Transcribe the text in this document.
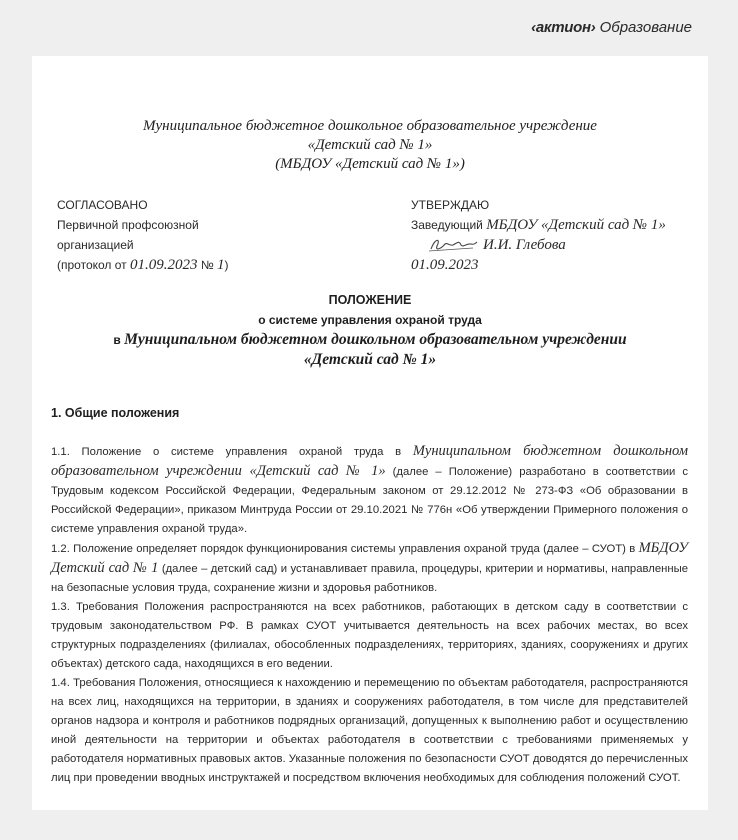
‹актион› Образование
Муниципальное бюджетное дошкольное образовательное учреждение
«Детский сад № 1»
(МБДОУ «Детский сад № 1»)
СОГЛАСОВАНО
Первичной профсоюзной
организацией
(протокол от 01.09.2023 № 1)
УТВЕРЖДАЮ
Заведующий МБДОУ «Детский сад № 1»
И.И. Глебова
01.09.2023
ПОЛОЖЕНИЕ
о системе управления охраной труда
в Муниципальном бюджетном дошкольном образовательном учреждении
«Детский сад № 1»
1. Общие положения

1.1. Положение о системе управления охраной труда в Муниципальном бюджетном дошкольном образовательном учреждении «Детский сад № 1» (далее – Положение) разработано в соответствии с Трудовым кодексом Российской Федерации, Федеральным законом от 29.12.2012 № 273-ФЗ «Об образовании в Российской Федерации», приказом Минтруда России от 29.10.2021 № 776н «Об утверждении Примерного положения о системе управления охраной труда».

1.2. Положение определяет порядок функционирования системы управления охраной труда (далее – СУОТ) в МБДОУ Детский сад № 1 (далее – детский сад) и устанавливает правила, процедуры, критерии и нормативы, направленные на безопасные условия труда, сохранение жизни и здоровья работников.

1.3. Требования Положения распространяются на всех работников, работающих в детском саду в соответствии с трудовым законодательством РФ. В рамках СУОТ учитывается деятельность на всех рабочих местах, во всех структурных подразделениях (филиалах, обособленных подразделениях, территориях, зданиях, сооружениях и других объектах) детского сада, находящихся в его ведении.

1.4. Требования Положения, относящиеся к нахождению и перемещению по объектам работодателя, распространяются на всех лиц, находящихся на территории, в зданиях и сооружениях работодателя, в том числе для представителей органов надзора и контроля и работников подрядных организаций, допущенных к выполнению работ и осуществлению иной деятельности на территории и объектах работодателя в соответствии с требованиями применяемых у работодателя нормативных правовых актов. Указанные положения по безопасности СУОТ доводятся до перечисленных лиц при проведении вводных инструктажей и посредством включения необходимых для соблюдения положений СУОТ.
